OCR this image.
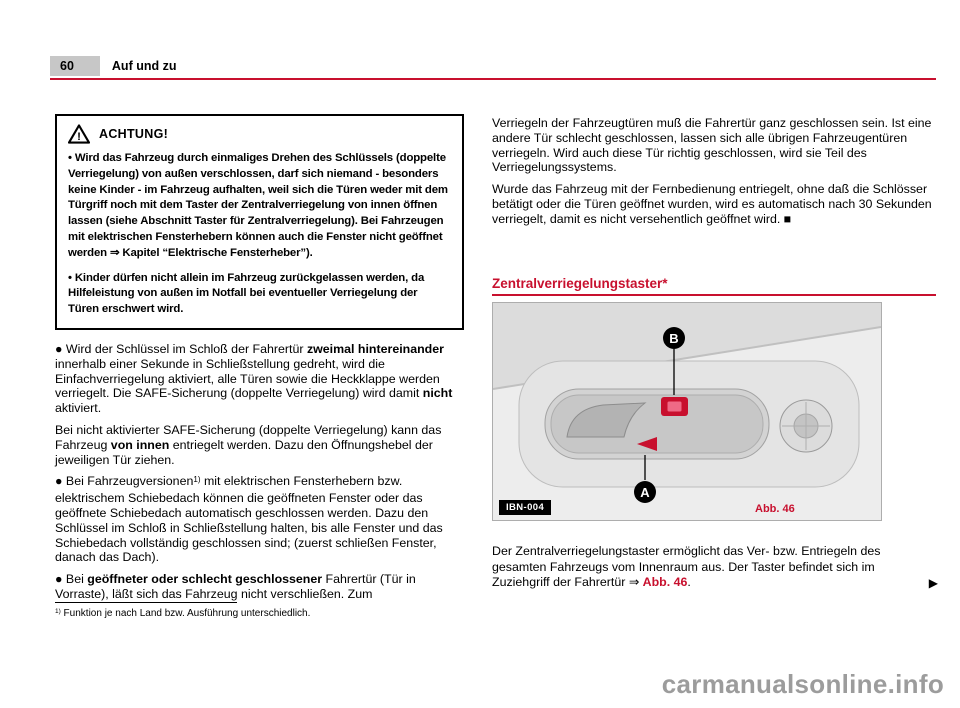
60	Auf und zu
! ACHTUNG!

• Wird das Fahrzeug durch einmaliges Drehen des Schlüssels (doppelte Verriegelung) von außen verschlossen, darf sich niemand - besonders keine Kinder - im Fahrzeug aufhalten, weil sich die Türen weder mit dem Türgriff noch mit dem Taster der Zentralverriegelung von innen öffnen lassen (siehe Abschnitt Taster für Zentralverriegelung). Bei Fahrzeugen mit elektrischen Fensterhebern können auch die Fenster nicht geöffnet werden ⇒ Kapitel “Elektrische Fensterheber”).

• Kinder dürfen nicht allein im Fahrzeug zurückgelassen werden, da Hilfeleistung von außen im Notfall bei eventueller Verriegelung der Türen erschwert wird.

● Wird der Schlüssel im Schloß der Fahrertür zweimal hintereinander innerhalb einer Sekunde in Schließstellung gedreht, wird die Einfachverriegelung aktiviert, alle Türen sowie die Heckklappe werden verriegelt. Die SAFE-Sicherung (doppelte Verriegelung) wird damit nicht aktiviert.

Bei nicht aktivierter SAFE-Sicherung (doppelte Verriegelung) kann das Fahrzeug von innen entriegelt werden. Dazu den Öffnungshebel der jeweiligen Tür ziehen.

● Bei Fahrzeugversionen$^{1)}$ mit elektrischen Fensterhebern bzw. elektrischem Schiebedach können die geöffneten Fenster oder das geöffnete Schiebedach automatisch geschlossen werden. Dazu den Schlüssel im Schloß in Schließstellung halten, bis alle Fenster und das Schiebedach vollständig geschlossen sind; (zuerst schließen Fenster, danach das Dach).

● Bei geöffneter oder schlecht geschlossener Fahrertür (Tür in Vorraste), läßt sich das Fahrzeug nicht verschließen. Zum

$^{1)}$ Funktion je nach Land bzw. Ausführung unterschiedlich.

Verriegeln der Fahrzeugtüren muß die Fahrertür ganz geschlossen sein. Ist eine andere Tür schlecht geschlossen, lassen sich alle übrigen Fahrzeugentüren verriegeln. Wird auch diese Tür richtig geschlossen, wird sie Teil des Verriegelungssystems.

Wurde das Fahrzeug mit der Fernbedienung entriegelt, ohne daß die Schlösser betätigt oder die Türen geöffnet wurden, wird es automatisch nach 30 Sekunden verriegelt, damit es nicht versehentlich geöffnet wird. ■

Zentralverriegelungstaster*
B
A
IBN-004	Abb. 46

Der Zentralverriegelungstaster ermöglicht das Ver- bzw. Entriegeln des gesamten Fahrzeugs vom Innenraum aus. Der Taster befindet sich im Zuziehgriff der Fahrertür ⇒ Abb. 46.	▶
carmanualsonline.info
